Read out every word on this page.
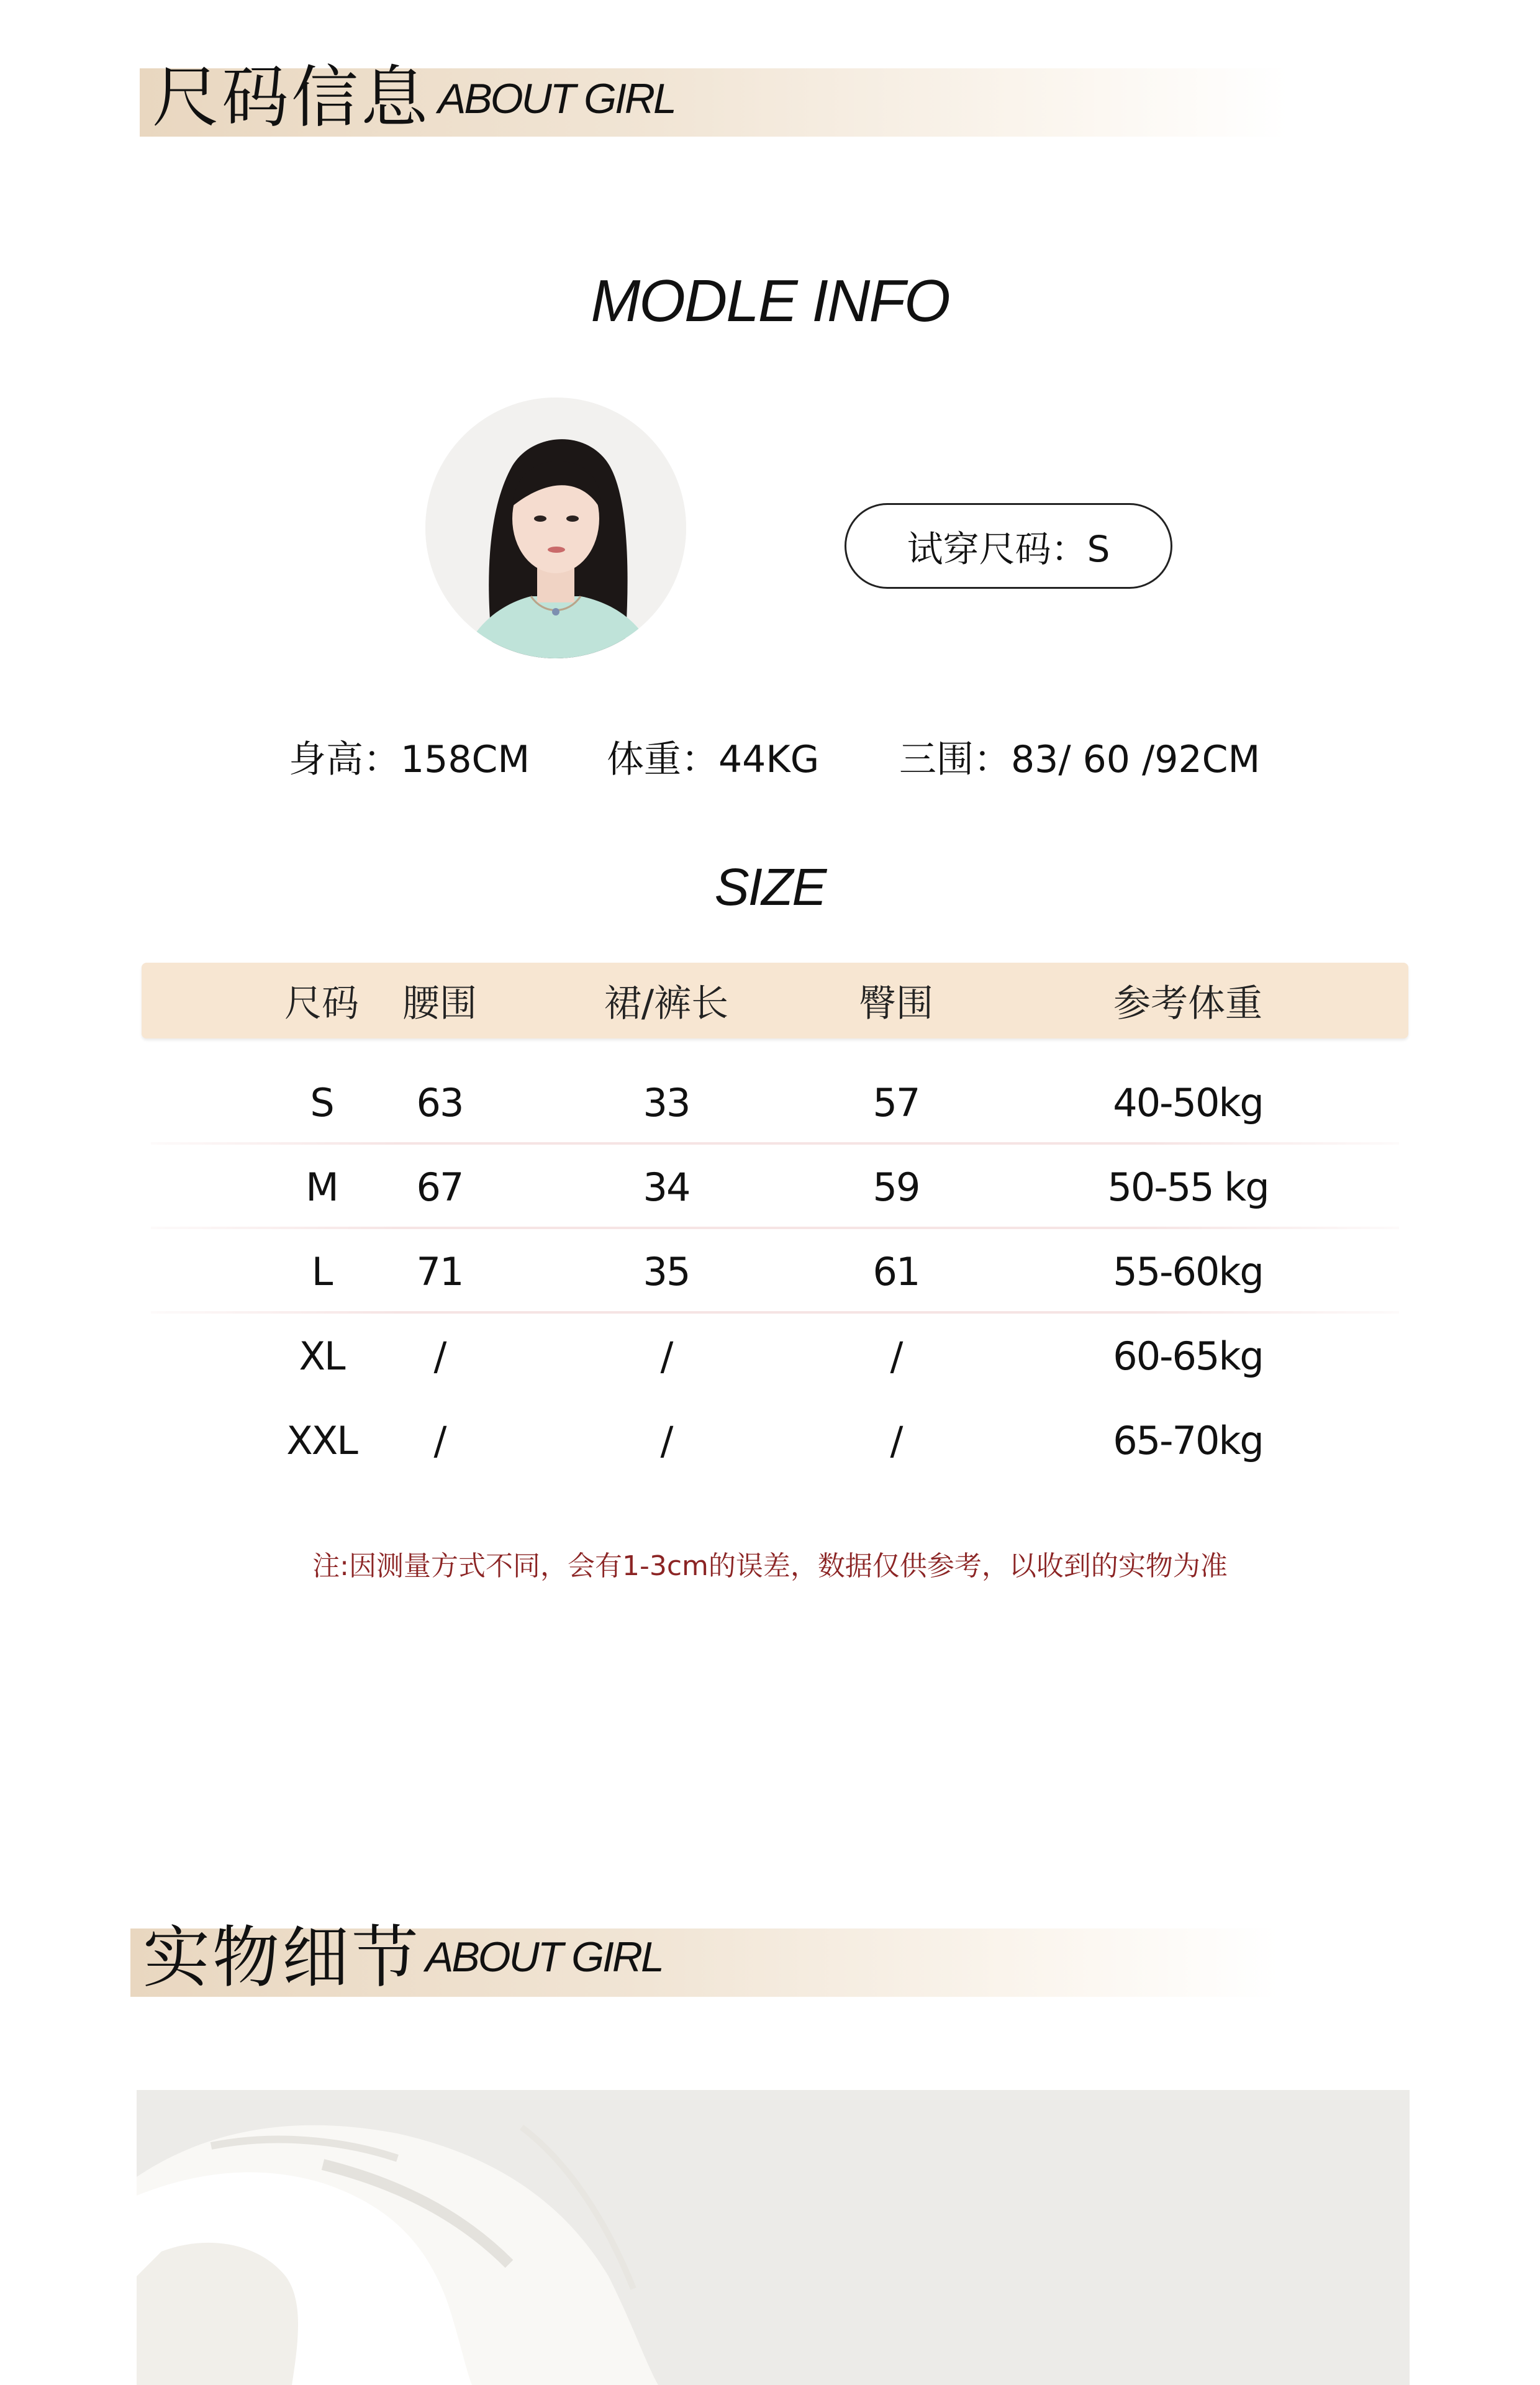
尺码信息 ABOUT GIRL
MODLE INFO
试穿尺码：S
身高：158CM 体重：44KG 三围：83/ 60 /92CM
SIZE
尺码	腰围	裙/裤长	臀围	参考体重
S	63	33	57	40-50kg
M	67	34	59	50-55 kg
L	71	35	61	55-60kg
XL	/	/	/	60-65kg
XXL	/	/	/	65-70kg
注:因测量方式不同，会有1-3cm的误差，数据仅供参考，以收到的实物为准
实物细节 ABOUT GIRL
